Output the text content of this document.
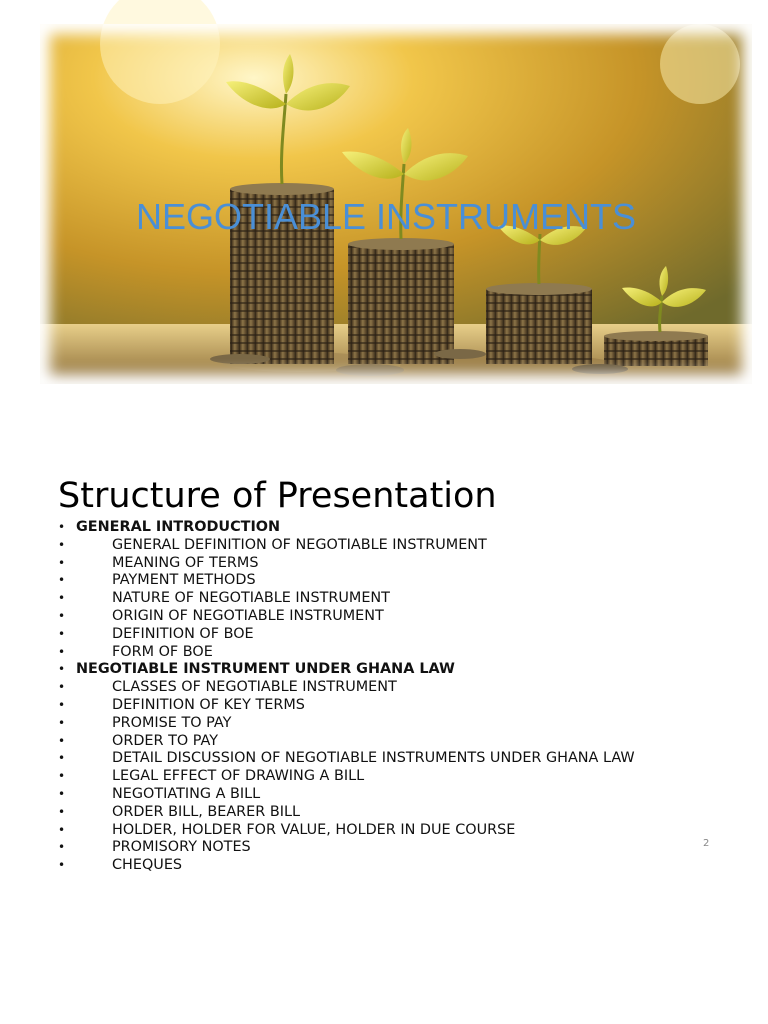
NEGOTIABLE INSTRUMENTS
Structure of Presentation
• GENERAL INTRODUCTION
•	GENERAL DEFINITION OF NEGOTIABLE INSTRUMENT
•	MEANING OF TERMS
•	PAYMENT METHODS
•	NATURE OF NEGOTIABLE INSTRUMENT
•	ORIGIN OF NEGOTIABLE INSTRUMENT
•	DEFINITION OF BOE
•	FORM OF BOE
• NEGOTIABLE INSTRUMENT UNDER GHANA LAW
•	CLASSES OF NEGOTIABLE INSTRUMENT
•	DEFINITION OF KEY TERMS
•	PROMISE TO PAY
•	ORDER TO PAY
•	DETAIL DISCUSSION OF NEGOTIABLE INSTRUMENTS UNDER GHANA LAW
•	LEGAL EFFECT OF DRAWING A BILL
•	NEGOTIATING A BILL
•	ORDER BILL, BEARER BILL
•	HOLDER, HOLDER FOR VALUE, HOLDER IN DUE COURSE
•	PROMISORY NOTES
•	CHEQUES
2
